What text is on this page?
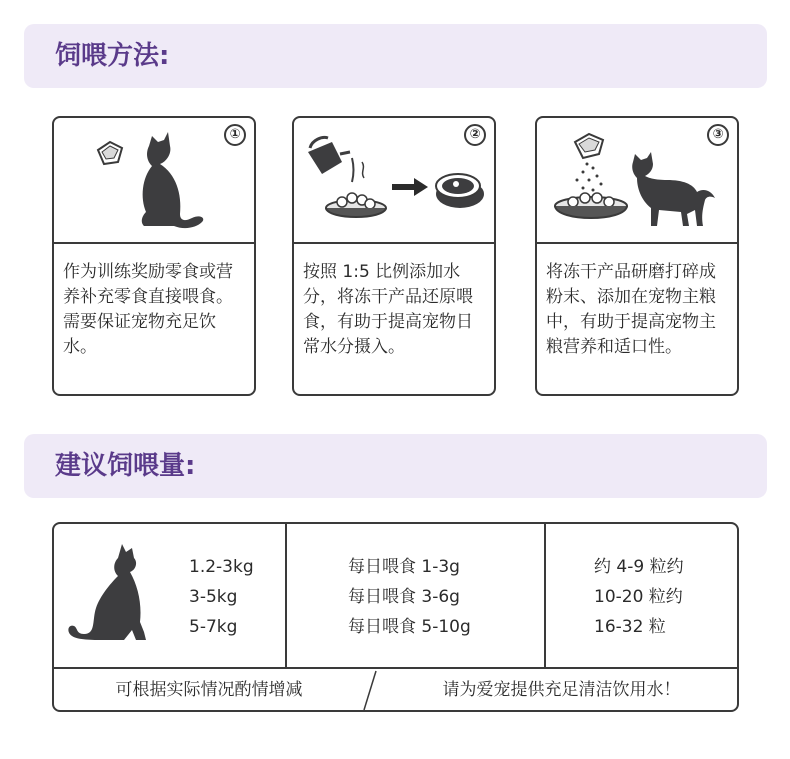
饲喂方法:
①
作为训练奖励零食或营养补充零食直接喂食。需要保证宠物充足饮水。
②
按照 1:5 比例添加水分，将冻干产品还原喂食，有助于提高宠物日常水分摄入。
③
将冻干产品研磨打碎成粉末、添加在宠物主粮中，有助于提高宠物主粮营养和适口性。
建议饲喂量:
1.2-3kg
3-5kg
5-7kg
每日喂食 1-3g
每日喂食 3-6g
每日喂食 5-10g
约 4-9 粒约
10-20 粒约
16-32 粒
可根据实际情况酌情增减	请为爱宠提供充足清洁饮用水！
